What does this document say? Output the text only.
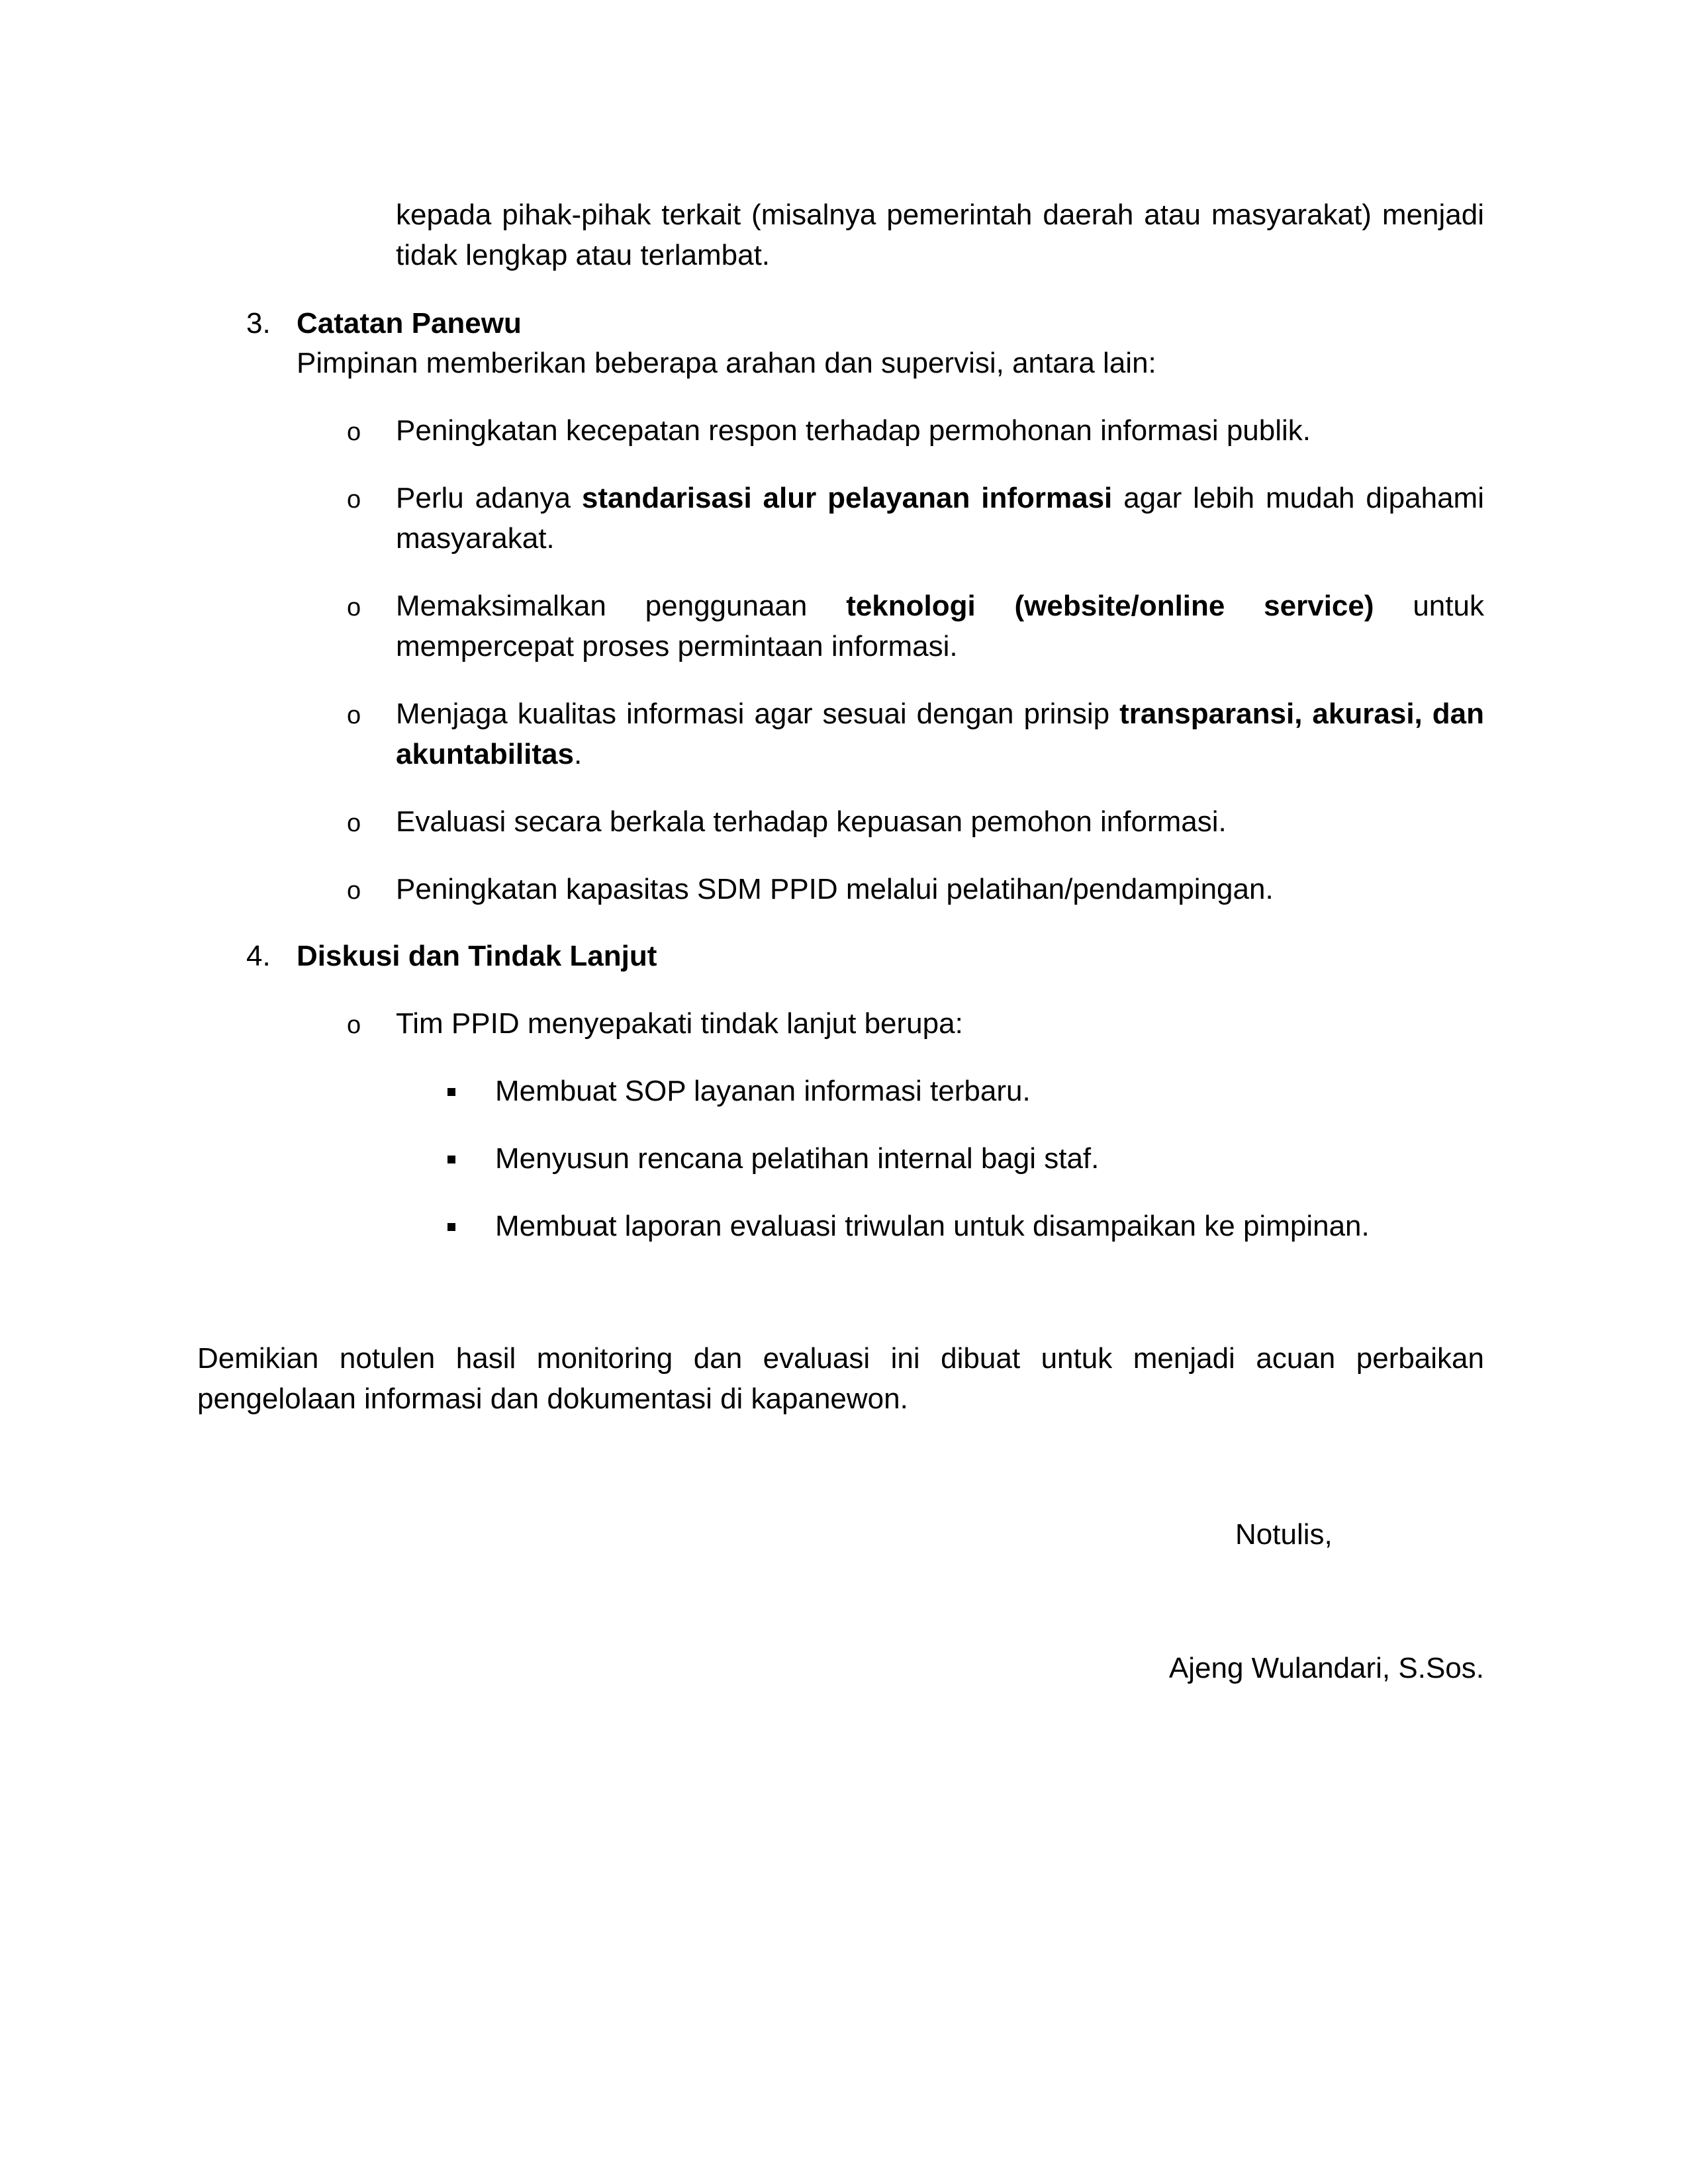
kepada pihak-pihak terkait (misalnya pemerintah daerah atau masyarakat) menjadi tidak lengkap atau terlambat.
3. Catatan Panewu
Pimpinan memberikan beberapa arahan dan supervisi, antara lain:
o Peningkatan kecepatan respon terhadap permohonan informasi publik.
o Perlu adanya standarisasi alur pelayanan informasi agar lebih mudah dipahami masyarakat.
o Memaksimalkan penggunaan teknologi (website/online service) untuk mempercepat proses permintaan informasi.
o Menjaga kualitas informasi agar sesuai dengan prinsip transparansi, akurasi, dan akuntabilitas.
o Evaluasi secara berkala terhadap kepuasan pemohon informasi.
o Peningkatan kapasitas SDM PPID melalui pelatihan/pendampingan.
4. Diskusi dan Tindak Lanjut
o Tim PPID menyepakati tindak lanjut berupa:
Membuat SOP layanan informasi terbaru.
Menyusun rencana pelatihan internal bagi staf.
Membuat laporan evaluasi triwulan untuk disampaikan ke pimpinan.
Demikian notulen hasil monitoring dan evaluasi ini dibuat untuk menjadi acuan perbaikan pengelolaan informasi dan dokumentasi di kapanewon.
Notulis,
Ajeng Wulandari, S.Sos.
